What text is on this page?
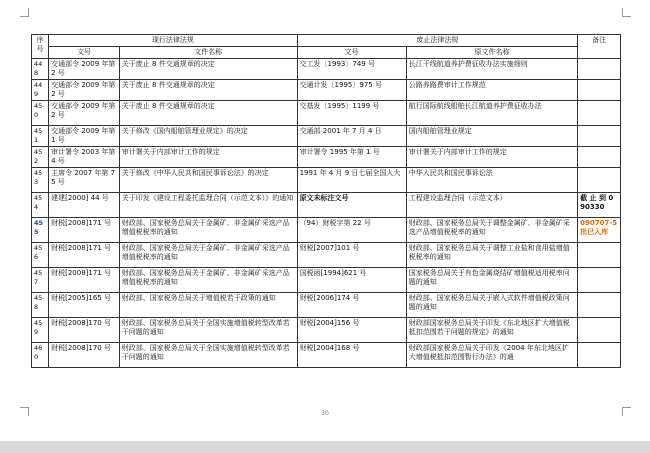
序号	现行法律法规		废止法律法规		备注
	文号	文件名称	文号	原文件名称	
448	交通部令 2009 年第 2 号	关于废止 8 件交通规章的决定	交工发〔1993〕749 号	长江干线航道养护费征收办法实施细则	
449	交通部令 2009 年第 2 号	关于废止 8 件交通规章的决定	交通计发〔1995〕975 号	公路养路费审计工作规范	
450	交通部令 2009 年第 2 号	关于废止 8 件交通规章的决定	交基发〔1995〕1199 号	航行国际航线船舶长江航道养护费征收办法	
451	交通部令 2009 年第 1 号	关于修改《国内船舶管理业规定》的决定	交通部 2001 年 7 月 4 日	国内船舶管理业规定	
452	审计署令 2003 年第 4 号	审计署关于内部审计工作的规定	审计署令 1995 年第 1 号	审计署关于内部审计工作的规定	
453	主席令 2007 年第 75 号	关于修改《中华人民共和国民事诉讼法》的决定	1991 年 4 月 9 日七届全国人大	中华人民共和国民事诉讼法	
454	建建[2000] 44 号	关于印发《建设工程委托监理合同（示范文本）》的通知	原文未标注文号	工程建设监理合同（示范文本）	截 止 到 090330
455	财税[2008]171 号	财政部、国家税务总局关于金属矿、非金属矿采选产品增值税税率的通知	（94）财税字第 22 号	财政部、国家税务总局关于调整金属矿、非金属矿采选产品增值税税率的通知	090707-5 批已入库
456	财税[2008]171 号	财政部、国家税务总局关于金属矿、非金属矿采选产品增值税税率的通知	财税[2007]101 号	财政部、国家税务总局关于调整工业盐和食用盐增值税税率的通知	
457	财税[2008]171 号	财政部、国家税务总局关于金属矿、非金属矿采选产品增值税税率的通知	国税函[1994]621 号	国家税务总局关于有色金属烧结矿增值税适用税率问题的通知	
458	财税[2005]165 号	财政部、国家税务总局关于增值税若干政策的通知	财税[2006]174 号	财政部、国家税务总局关于嵌入式软件增值税政策问题的通知	
459	财税[2008]170 号	财政部、国家税务总局关于全国实施增值税转型改革若干问题的通知	财税[2004]156 号	财政部国家税务总局关于印发《东北地区扩大增值税抵扣范围若干问题的规定》的通知	
460	财税[2008]170 号	财政部、国家税务总局关于全国实施增值税转型改革若干问题的通知	财税[2004]168 号	财政部国家税务总局关于印发《2004 年东北地区扩大增值税抵扣范围暂行办法》的通	
30
